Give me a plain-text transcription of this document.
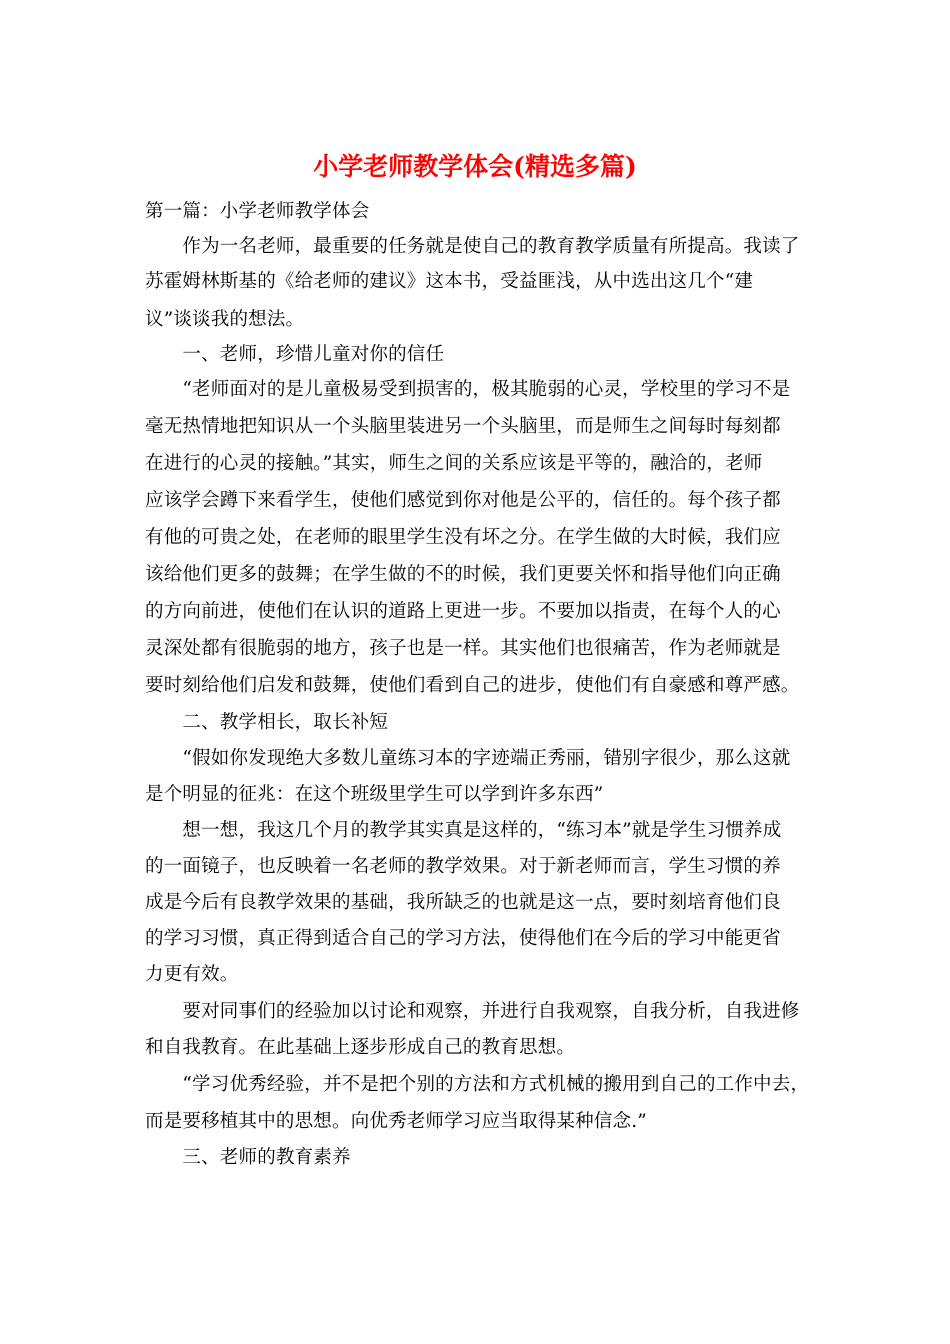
小学老师教学体会(精选多篇)
第一篇：小学老师教学体会
　　作为一名老师，最重要的任务就是使自己的教育教学质量有所提高。我读了
苏霍姆林斯基的《给老师的建议》这本书，受益匪浅，从中选出这几个“建
议”谈谈我的想法。
　　一、老师，珍惜儿童对你的信任
　　“老师面对的是儿童极易受到损害的，极其脆弱的心灵，学校里的学习不是
毫无热情地把知识从一个头脑里装进另一个头脑里，而是师生之间每时每刻都
在进行的心灵的接触。”其实，师生之间的关系应该是平等的，融洽的，老师
应该学会蹲下来看学生，使他们感觉到你对他是公平的，信任的。每个孩子都
有他的可贵之处，在老师的眼里学生没有坏之分。在学生做的大时候，我们应
该给他们更多的鼓舞；在学生做的不的时候，我们更要关怀和指导他们向正确
的方向前进，使他们在认识的道路上更进一步。不要加以指责，在每个人的心
灵深处都有很脆弱的地方，孩子也是一样。其实他们也很痛苦，作为老师就是
要时刻给他们启发和鼓舞，使他们看到自己的进步，使他们有自豪感和尊严感。
　　二、教学相长，取长补短
　　“假如你发现绝大多数儿童练习本的字迹端正秀丽，错别字很少，那么这就
是个明显的征兆：在这个班级里学生可以学到许多东西”
　　想一想，我这几个月的教学其实真是这样的，“练习本”就是学生习惯养成
的一面镜子，也反映着一名老师的教学效果。对于新老师而言，学生习惯的养
成是今后有良教学效果的基础，我所缺乏的也就是这一点，要时刻培育他们良
的学习习惯，真正得到适合自己的学习方法，使得他们在今后的学习中能更省
力更有效。
　　要对同事们的经验加以讨论和观察，并进行自我观察，自我分析，自我进修
和自我教育。在此基础上逐步形成自己的教育思想。
　　“学习优秀经验，并不是把个别的方法和方式机械的搬用到自己的工作中去，
而是要移植其中的思想。向优秀老师学习应当取得某种信念.”
　　三、老师的教育素养
